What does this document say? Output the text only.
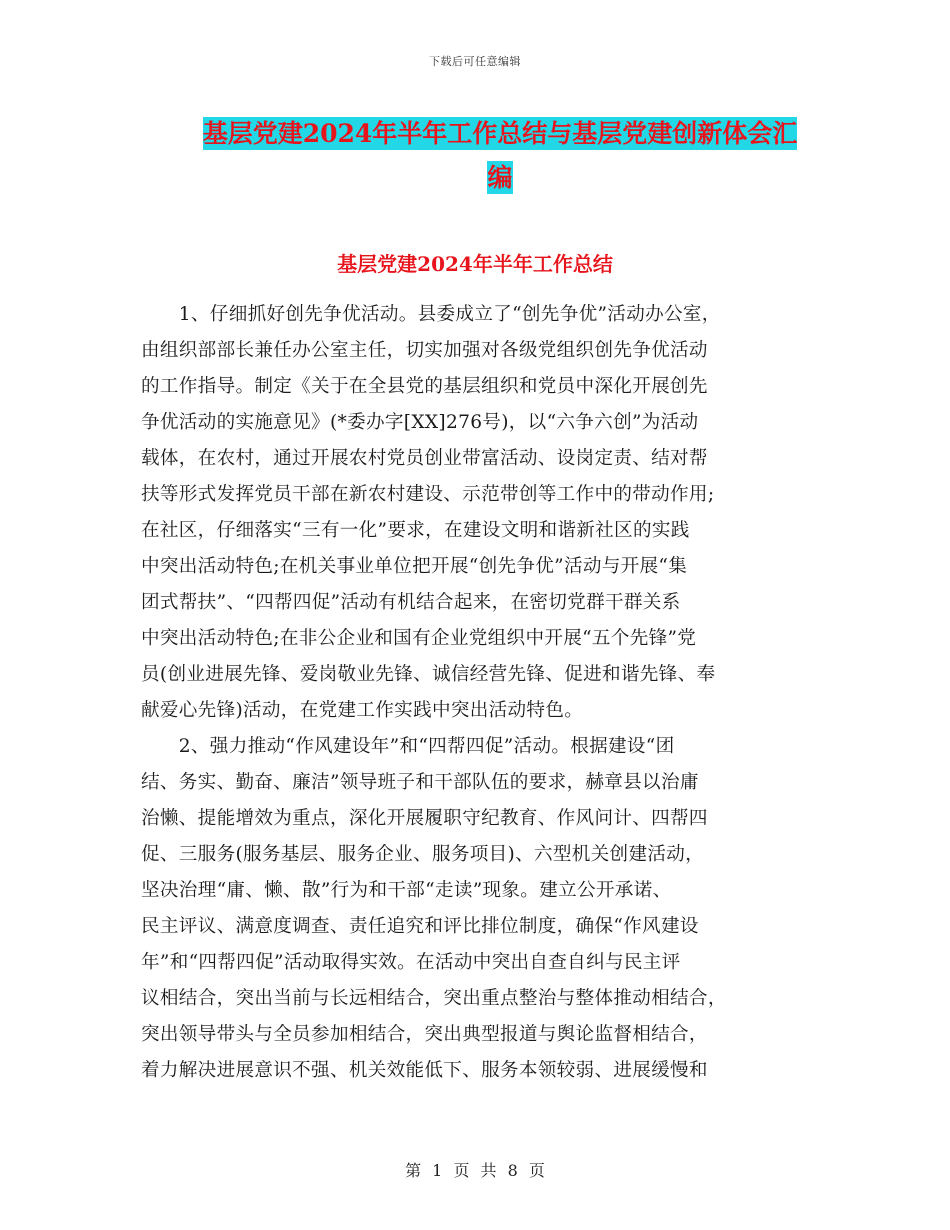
下载后可任意编辑
基层党建2024年半年工作总结与基层党建创新体会汇
编
基层党建2024年半年工作总结
　　1、仔细抓好创先争优活动。县委成立了“创先争优”活动办公室，
由组织部部长兼任办公室主任，切实加强对各级党组织创先争优活动
的工作指导。制定《关于在全县党的基层组织和党员中深化开展创先
争优活动的实施意见》(*委办字[XX]276号)，以“六争六创”为活动
载体，在农村，通过开展农村党员创业带富活动、设岗定责、结对帮
扶等形式发挥党员干部在新农村建设、示范带创等工作中的带动作用;
在社区，仔细落实“三有一化”要求，在建设文明和谐新社区的实践
中突出活动特色;在机关事业单位把开展“创先争优”活动与开展“集
团式帮扶”、“四帮四促”活动有机结合起来，在密切党群干群关系
中突出活动特色;在非公企业和国有企业党组织中开展“五个先锋”党
员(创业进展先锋、爱岗敬业先锋、诚信经营先锋、促进和谐先锋、奉
献爱心先锋)活动，在党建工作实践中突出活动特色。
　　2、强力推动“作风建设年”和“四帮四促”活动。根据建设“团
结、务实、勤奋、廉洁”领导班子和干部队伍的要求，赫章县以治庸
治懒、提能增效为重点，深化开展履职守纪教育、作风问计、四帮四
促、三服务(服务基层、服务企业、服务项目)、六型机关创建活动，
坚决治理“庸、懒、散”行为和干部“走读”现象。建立公开承诺、
民主评议、满意度调查、责任追究和评比排位制度，确保“作风建设
年”和“四帮四促”活动取得实效。在活动中突出自查自纠与民主评
议相结合，突出当前与长远相结合，突出重点整治与整体推动相结合，
突出领导带头与全员参加相结合，突出典型报道与舆论监督相结合，
着力解决进展意识不强、机关效能低下、服务本领较弱、进展缓慢和
第 1 页 共 8 页
